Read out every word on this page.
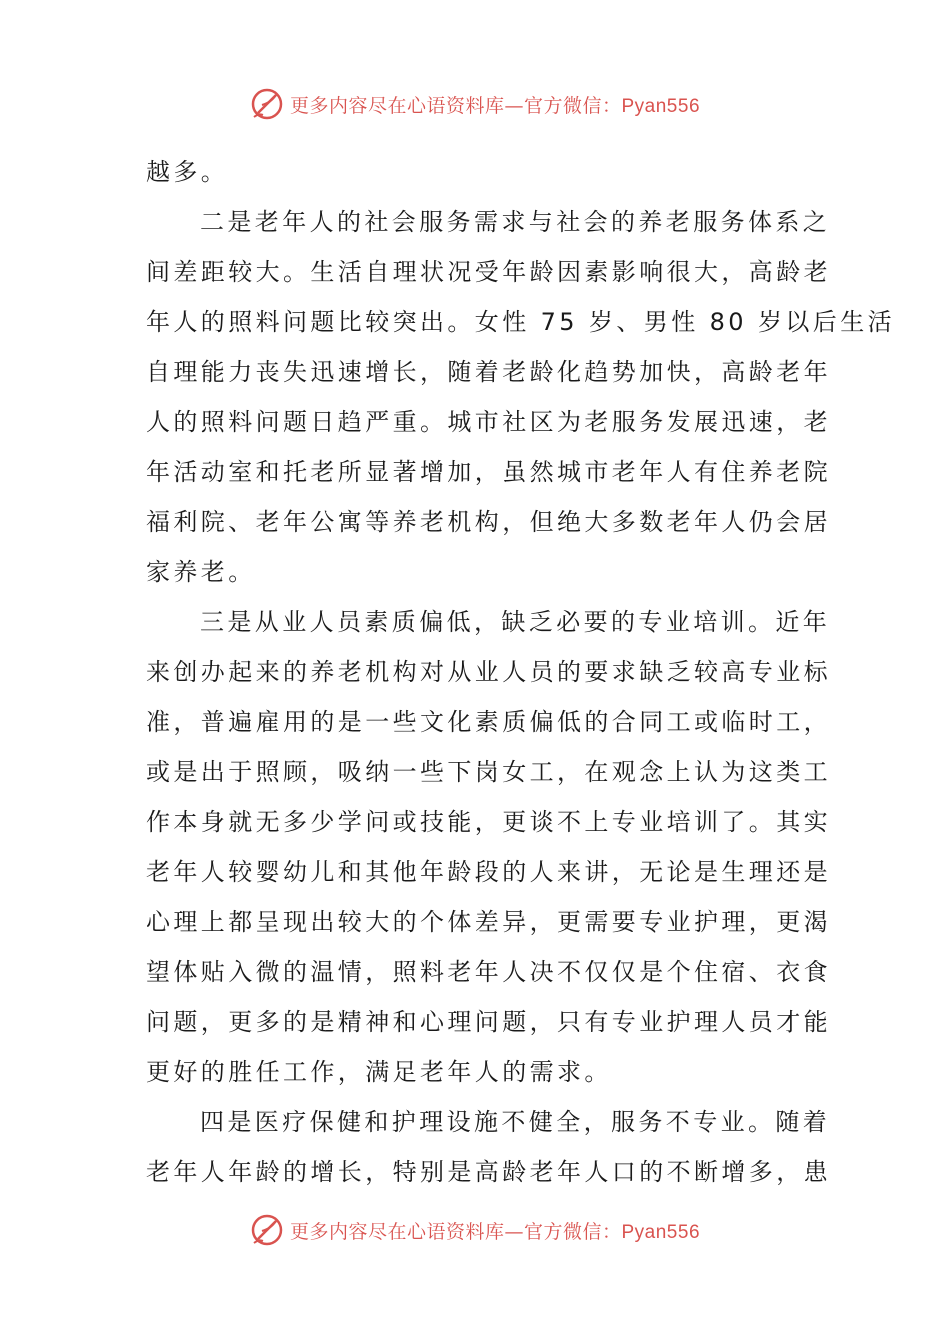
更多内容尽在心语资料库—官方微信：Pyan556
越多。
二是老年人的社会服务需求与社会的养老服务体系之
间差距较大。生活自理状况受年龄因素影响很大，高龄老
年人的照料问题比较突出。女性 75 岁、男性 80 岁以后生活
自理能力丧失迅速增长，随着老龄化趋势加快，高龄老年
人的照料问题日趋严重。城市社区为老服务发展迅速，老
年活动室和托老所显著增加，虽然城市老年人有住养老院
福利院、老年公寓等养老机构，但绝大多数老年人仍会居
家养老。
三是从业人员素质偏低，缺乏必要的专业培训。近年
来创办起来的养老机构对从业人员的要求缺乏较高专业标
准，普遍雇用的是一些文化素质偏低的合同工或临时工，
或是出于照顾，吸纳一些下岗女工，在观念上认为这类工
作本身就无多少学问或技能，更谈不上专业培训了。其实
老年人较婴幼儿和其他年龄段的人来讲，无论是生理还是
心理上都呈现出较大的个体差异，更需要专业护理，更渴
望体贴入微的温情，照料老年人决不仅仅是个住宿、衣食
问题，更多的是精神和心理问题，只有专业护理人员才能
更好的胜任工作，满足老年人的需求。
四是医疗保健和护理设施不健全，服务不专业。随着
老年人年龄的增长，特别是高龄老年人口的不断增多，患
更多内容尽在心语资料库—官方微信：Pyan556
